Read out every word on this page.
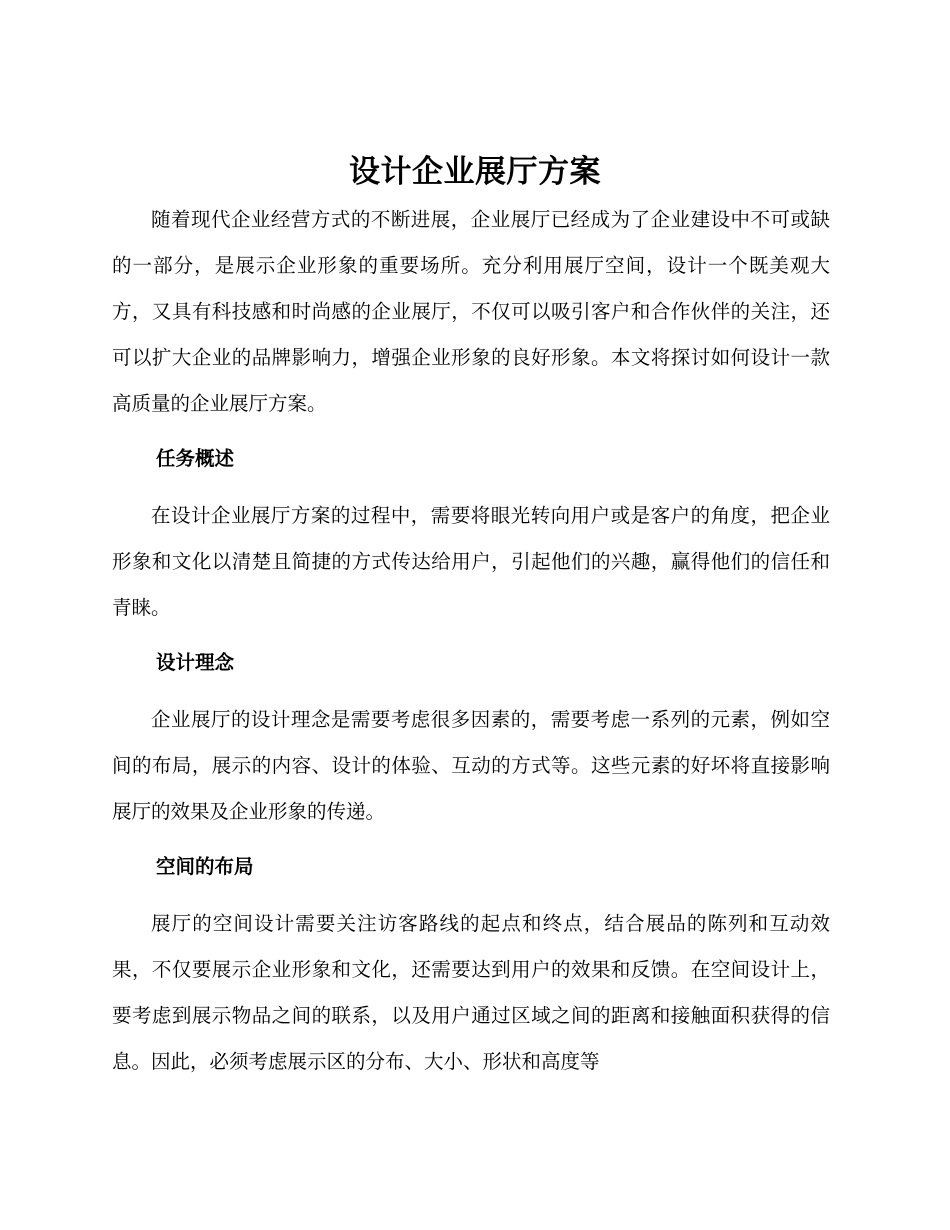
设计企业展厅方案

随着现代企业经营方式的不断进展，企业展厅已经成为了企业建设中不可或缺的一部分，是展示企业形象的重要场所。充分利用展厅空间，设计一个既美观大方，又具有科技感和时尚感的企业展厅，不仅可以吸引客户和合作伙伴的关注，还可以扩大企业的品牌影响力，增强企业形象的良好形象。本文将探讨如何设计一款高质量的企业展厅方案。

任务概述

在设计企业展厅方案的过程中，需要将眼光转向用户或是客户的角度，把企业形象和文化以清楚且简捷的方式传达给用户，引起他们的兴趣，赢得他们的信任和青睐。

设计理念

企业展厅的设计理念是需要考虑很多因素的，需要考虑一系列的元素，例如空间的布局，展示的内容、设计的体验、互动的方式等。这些元素的好坏将直接影响展厅的效果及企业形象的传递。

空间的布局

展厅的空间设计需要关注访客路线的起点和终点，结合展品的陈列和互动效果，不仅要展示企业形象和文化，还需要达到用户的效果和反馈。在空间设计上，要考虑到展示物品之间的联系，以及用户通过区域之间的距离和接触面积获得的信息。因此，必须考虑展示区的分布、大小、形状和高度等
